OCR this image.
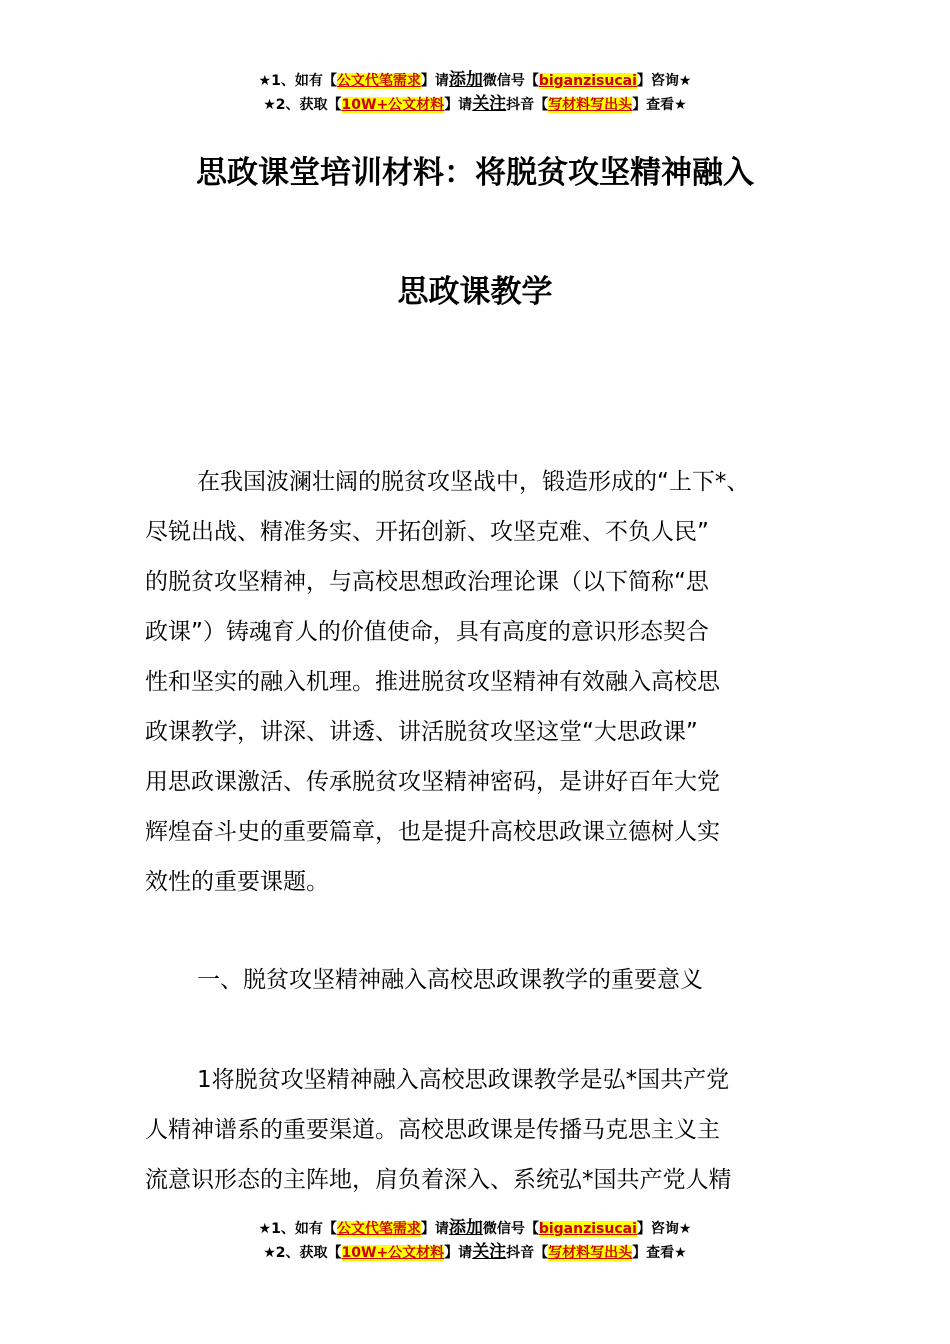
★1、如有【公文代笔需求】请添加微信号【biganzisucai】咨询★
★2、获取【10W+公文材料】请关注抖音【写材料写出头】查看★
思政课堂培训材料：将脱贫攻坚精神融入
思政课教学
在我国波澜壮阔的脱贫攻坚战中，锻造形成的“上下*、
尽锐出战、精准务实、开拓创新、攻坚克难、不负人民”
的脱贫攻坚精神，与高校思想政治理论课（以下简称“思
政课”）铸魂育人的价值使命，具有高度的意识形态契合
性和坚实的融入机理。推进脱贫攻坚精神有效融入高校思
政课教学，讲深、讲透、讲活脱贫攻坚这堂“大思政课”
用思政课激活、传承脱贫攻坚精神密码，是讲好百年大党
辉煌奋斗史的重要篇章，也是提升高校思政课立德树人实
效性的重要课题。
一、脱贫攻坚精神融入高校思政课教学的重要意义
1将脱贫攻坚精神融入高校思政课教学是弘*国共产党
人精神谱系的重要渠道。高校思政课是传播马克思主义主
流意识形态的主阵地，肩负着深入、系统弘*国共产党人精
★1、如有【公文代笔需求】请添加微信号【biganzisucai】咨询★
★2、获取【10W+公文材料】请关注抖音【写材料写出头】查看★
